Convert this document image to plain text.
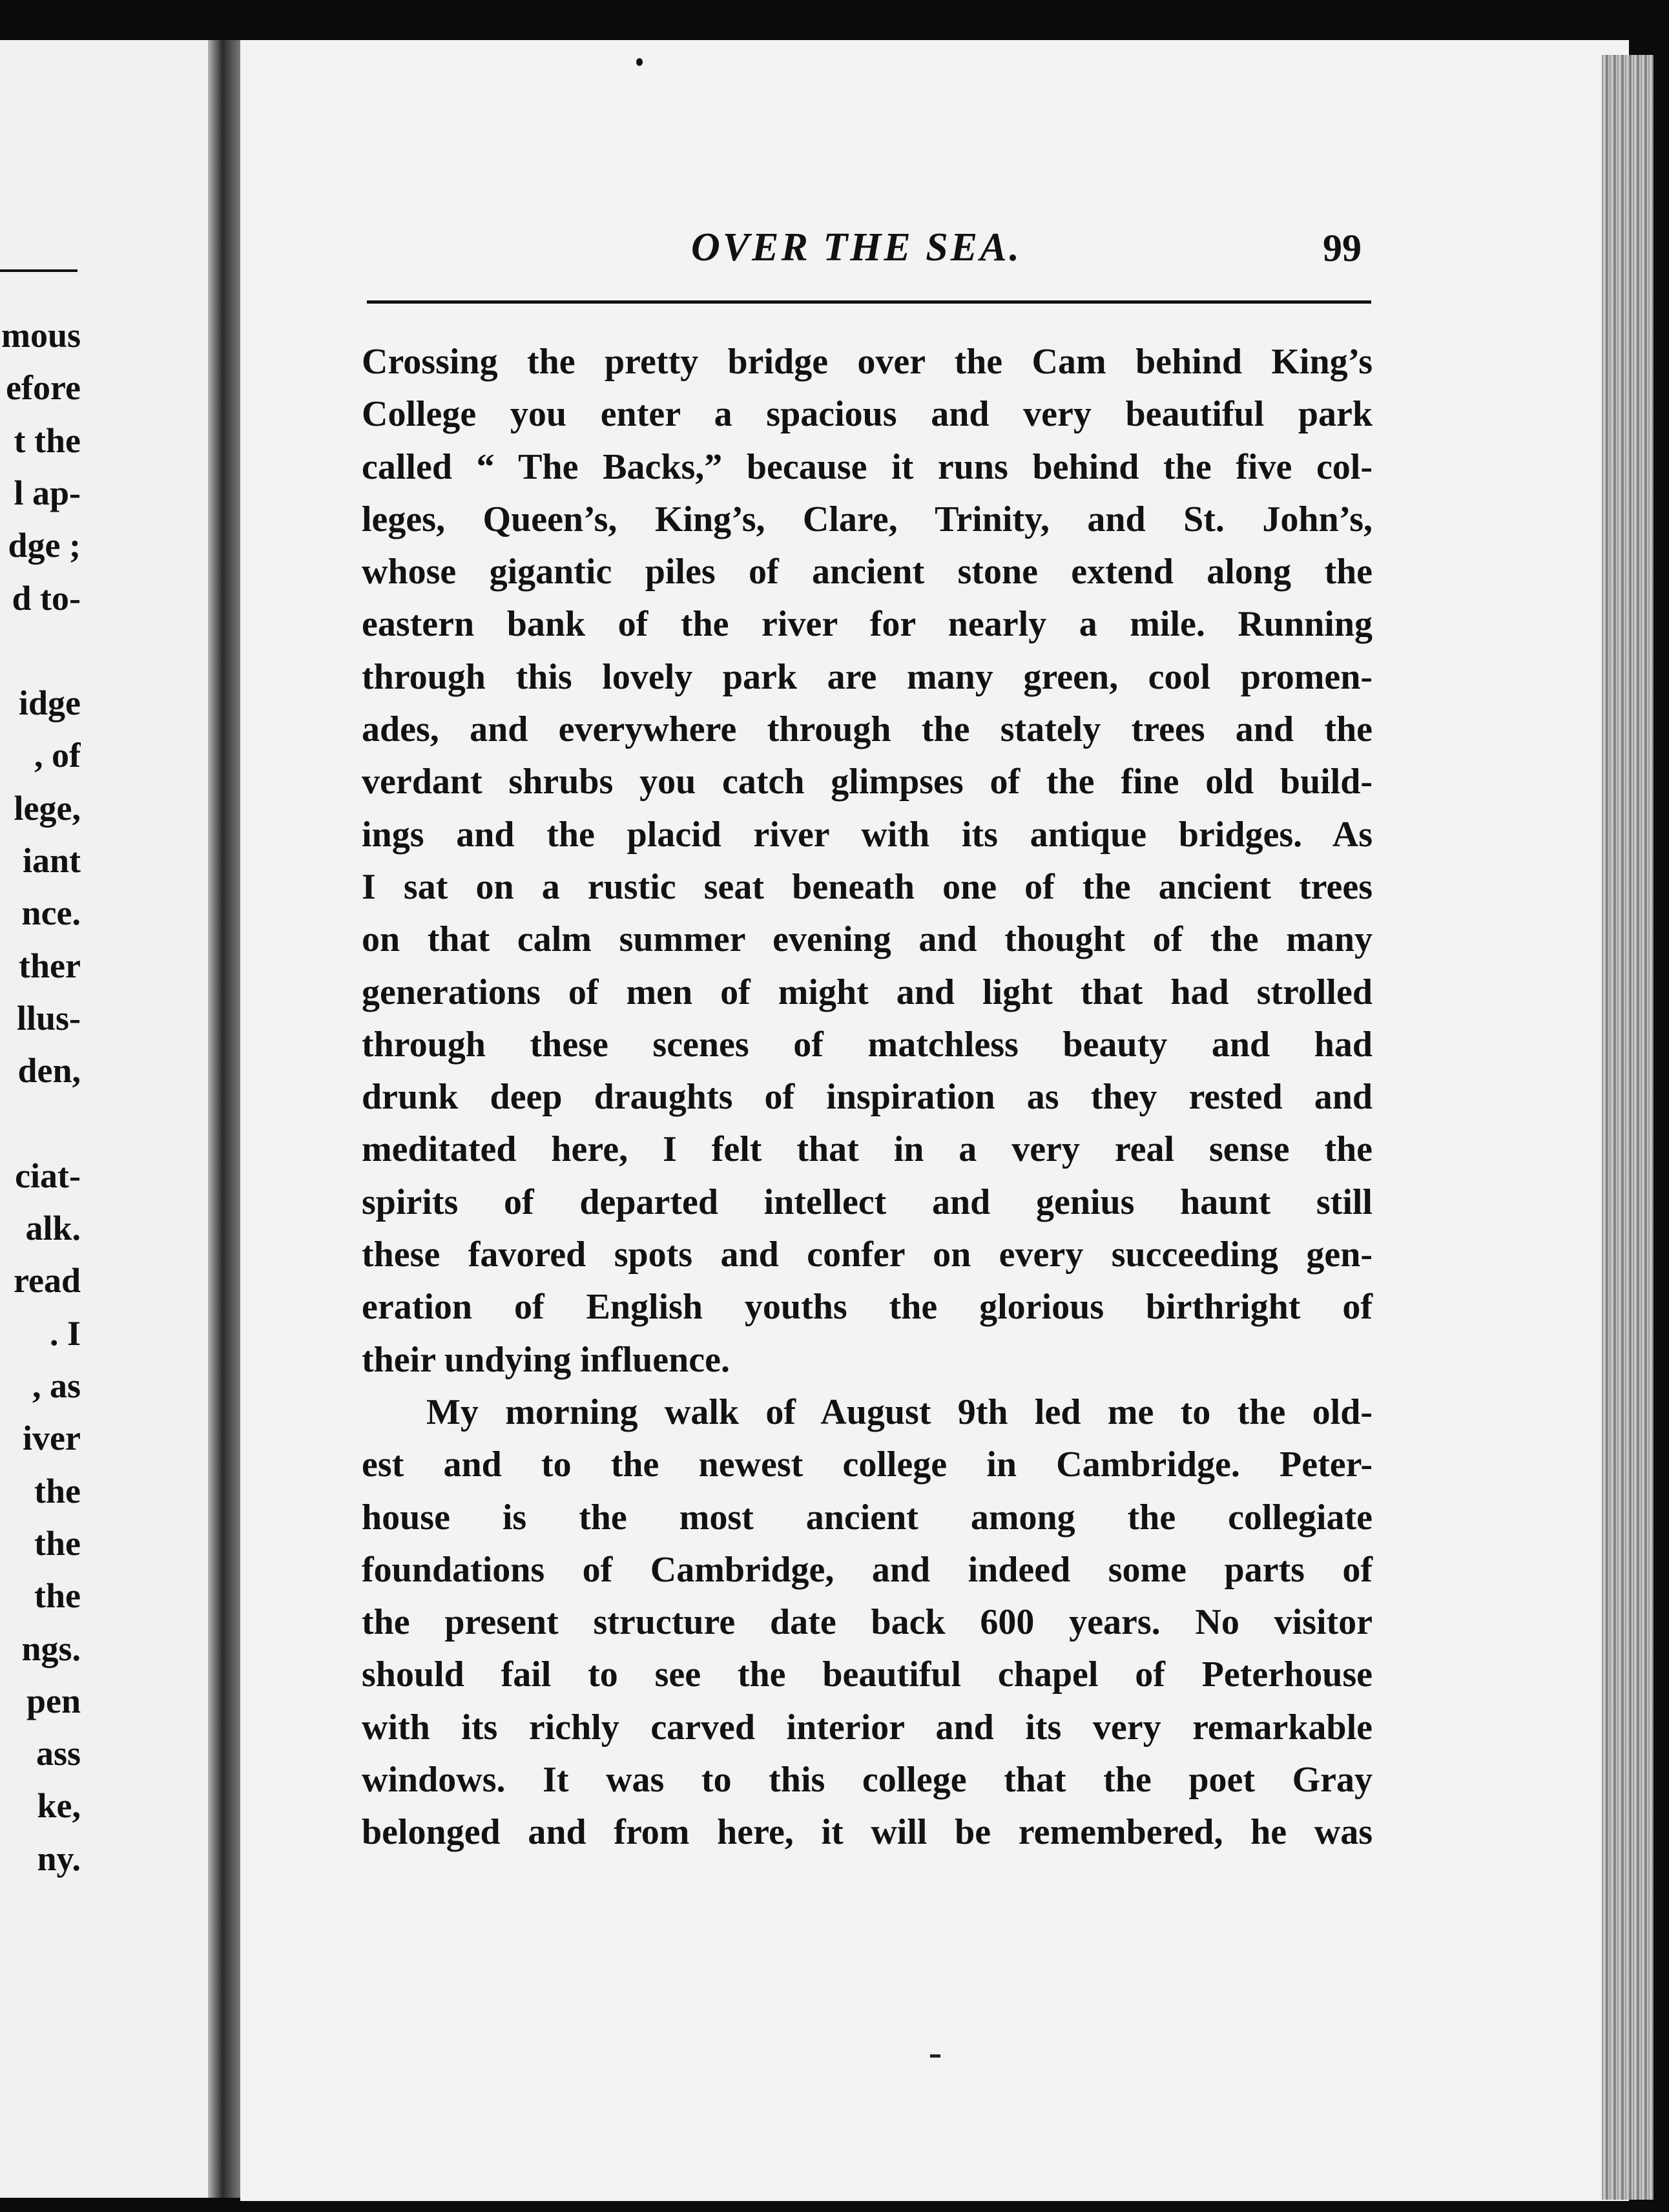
mous
efore
t the
l ap-
dge ;
d to-
idge
, of
lege,
iant
nce.
ther
llus-
den,
ciat-
alk.
read
. I
, as
iver
the
the
the
ngs.
pen
ass
ke,
ny.
OVER THE SEA.	99
Crossing the pretty bridge over the Cam behind King’s
College you enter a spacious and very beautiful park
called “ The Backs,” because it runs behind the five col-
leges, Queen’s, King’s, Clare, Trinity, and St. John’s,
whose gigantic piles of ancient stone extend along the
eastern bank of the river for nearly a mile. Running
through this lovely park are many green, cool promen-
ades, and everywhere through the stately trees and the
verdant shrubs you catch glimpses of the fine old build-
ings and the placid river with its antique bridges. As
I sat on a rustic seat beneath one of the ancient trees
on that calm summer evening and thought of the many
generations of men of might and light that had strolled
through these scenes of matchless beauty and had
drunk deep draughts of inspiration as they rested and
meditated here, I felt that in a very real sense the
spirits of departed intellect and genius haunt still
these favored spots and confer on every succeeding gen-
eration of English youths the glorious birthright of
their undying influence.
My morning walk of August 9th led me to the old-
est and to the newest college in Cambridge. Peter-
house is the most ancient among the collegiate
foundations of Cambridge, and indeed some parts of
the present structure date back 600 years. No visitor
should fail to see the beautiful chapel of Peterhouse
with its richly carved interior and its very remarkable
windows. It was to this college that the poet Gray
belonged and from here, it will be remembered, he was
